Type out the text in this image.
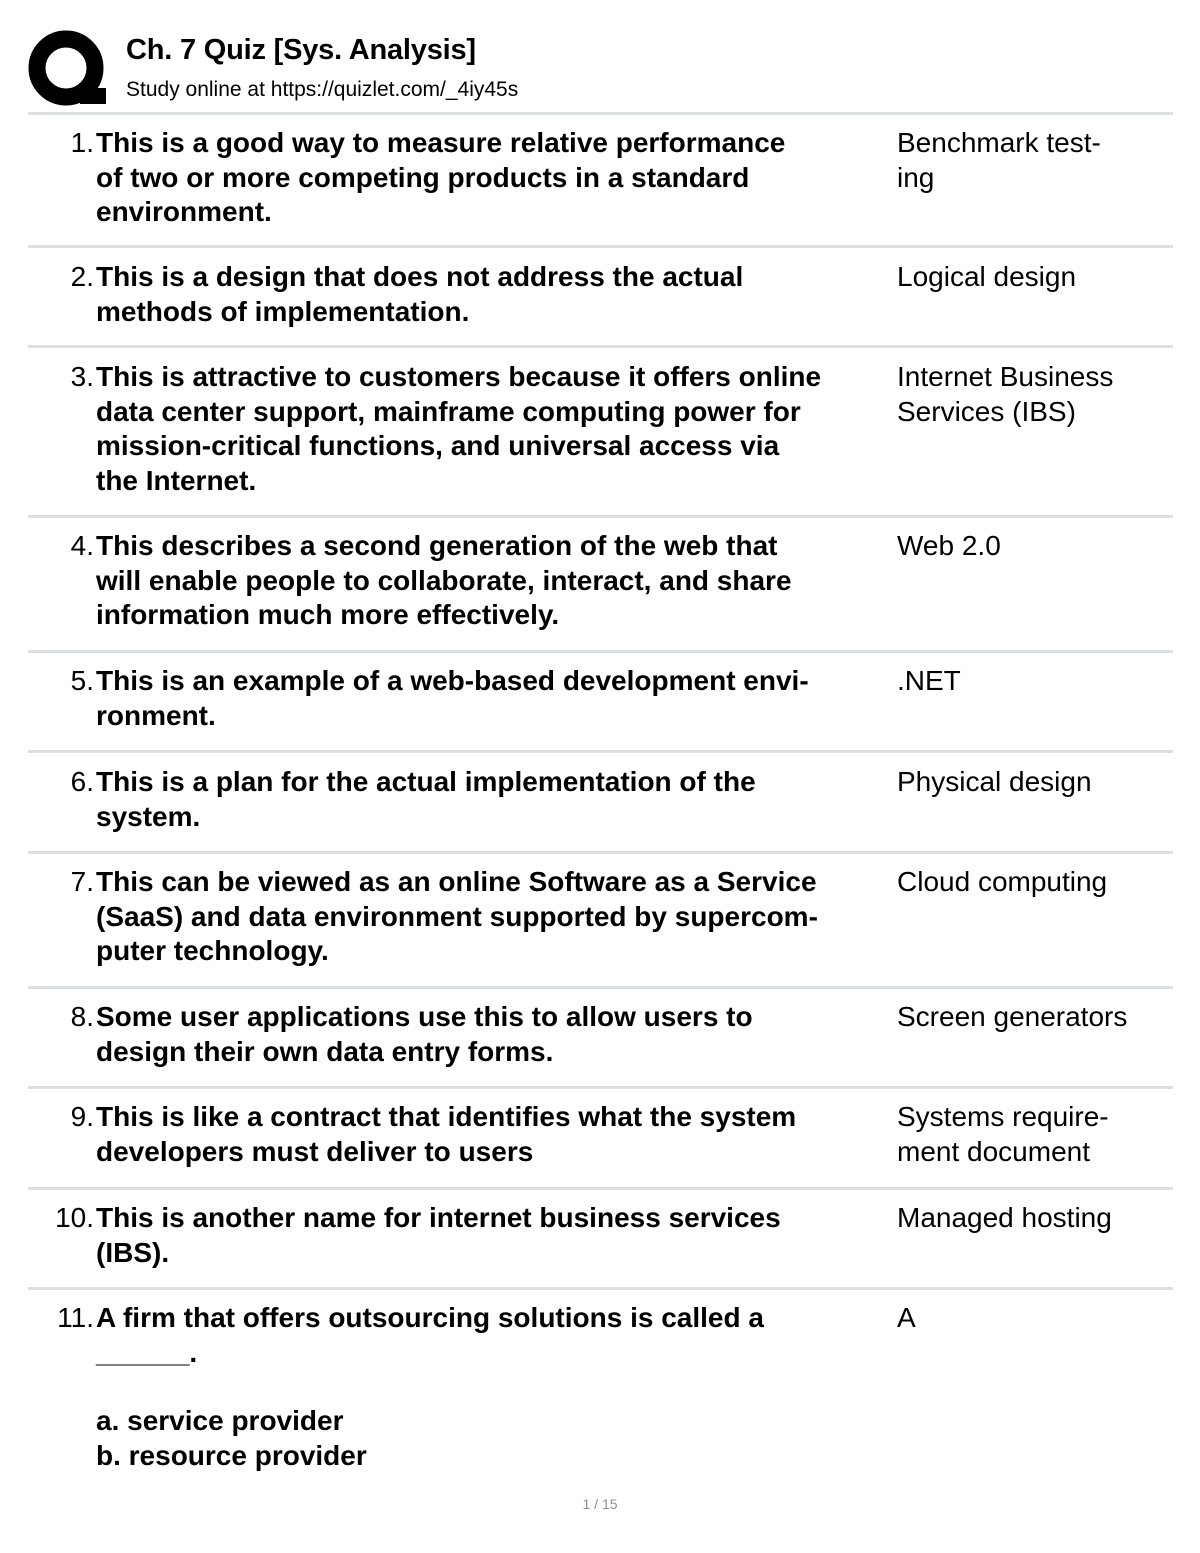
Ch. 7 Quiz [Sys. Analysis]
Study online at https://quizlet.com/_4iy45s
1. This is a good way to measure relative performance
of two or more competing products in a standard
environment.
Benchmark test-
ing
2. This is a design that does not address the actual
methods of implementation.
Logical design
3. This is attractive to customers because it offers online
data center support, mainframe computing power for
mission-critical functions, and universal access via
the Internet.
Internet Business
Services (IBS)
4. This describes a second generation of the web that
will enable people to collaborate, interact, and share
information much more effectively.
Web 2.0
5. This is an example of a web-based development envi-
ronment.
.NET
6. This is a plan for the actual implementation of the
system.
Physical design
7. This can be viewed as an online Software as a Service
(SaaS) and data environment supported by supercom-
puter technology.
Cloud computing
8. Some user applications use this to allow users to
design their own data entry forms.
Screen generators
9. This is like a contract that identifies what the system
developers must deliver to users
Systems require-
ment document
10. This is another name for internet business services
(IBS).
Managed hosting
11. A firm that offers outsourcing solutions is called a
______.
a. service provider
b. resource provider
A
1 / 15
